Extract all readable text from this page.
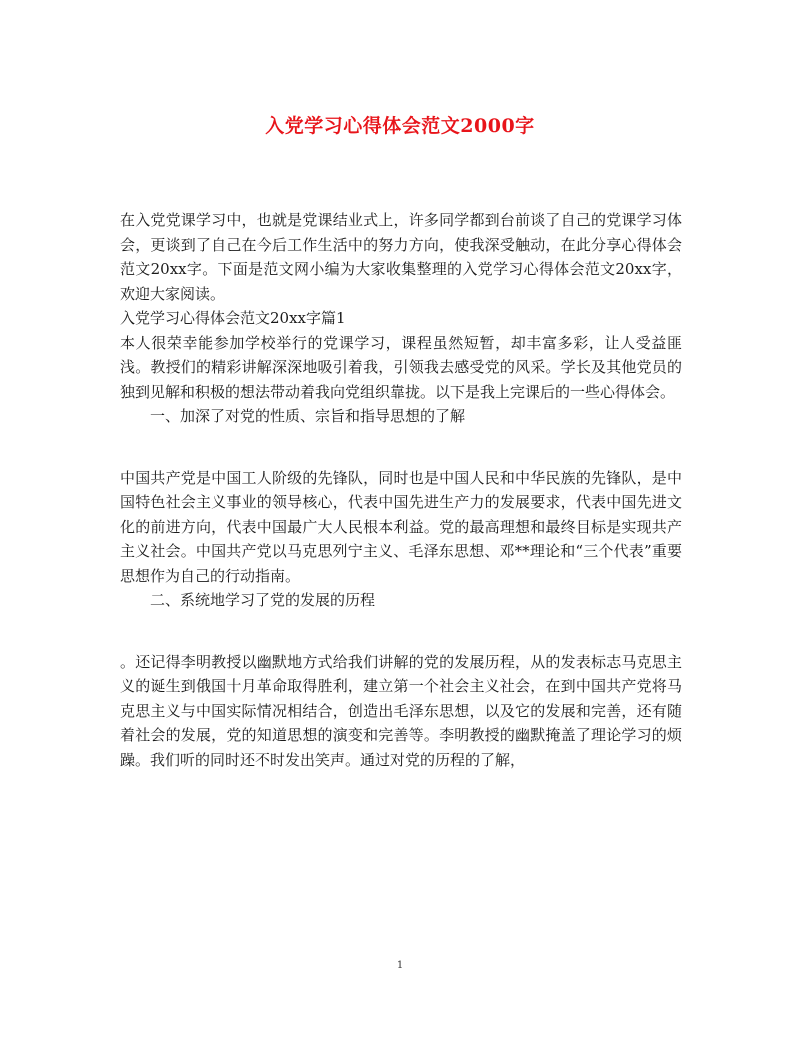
入党学习心得体会范文2000字

在入党党课学习中，也就是党课结业式上，许多同学都到台前谈了自己的党课学习体会，更谈到了自己在今后工作生活中的努力方向，使我深受触动，在此分享心得体会范文20xx字。下面是范文网小编为大家收集整理的入党学习心得体会范文20xx字，欢迎大家阅读。

入党学习心得体会范文20xx字篇1

本人很荣幸能参加学校举行的党课学习，课程虽然短暂，却丰富多彩，让人受益匪浅。教授们的精彩讲解深深地吸引着我，引领我去感受党的风采。学长及其他党员的独到见解和积极的想法带动着我向党组织靠拢。以下是我上完课后的一些心得体会。

一、加深了对党的性质、宗旨和指导思想的了解

中国共产党是中国工人阶级的先锋队，同时也是中国人民和中华民族的先锋队，是中国特色社会主义事业的领导核心，代表中国先进生产力的发展要求，代表中国先进文化的前进方向，代表中国最广大人民根本利益。党的最高理想和最终目标是实现共产主义社会。中国共产党以马克思列宁主义、毛泽东思想、邓**理论和“三个代表”重要思想作为自己的行动指南。

二、系统地学习了党的发展的历程

。还记得李明教授以幽默地方式给我们讲解的党的发展历程，从的发表标志马克思主义的诞生到俄国十月革命取得胜利，建立第一个社会主义社会，在到中国共产党将马克思主义与中国实际情况相结合，创造出毛泽东思想，以及它的发展和完善，还有随着社会的发展，党的知道思想的演变和完善等。李明教授的幽默掩盖了理论学习的烦躁。我们听的同时还不时发出笑声。通过对党的历程的了解，

1
